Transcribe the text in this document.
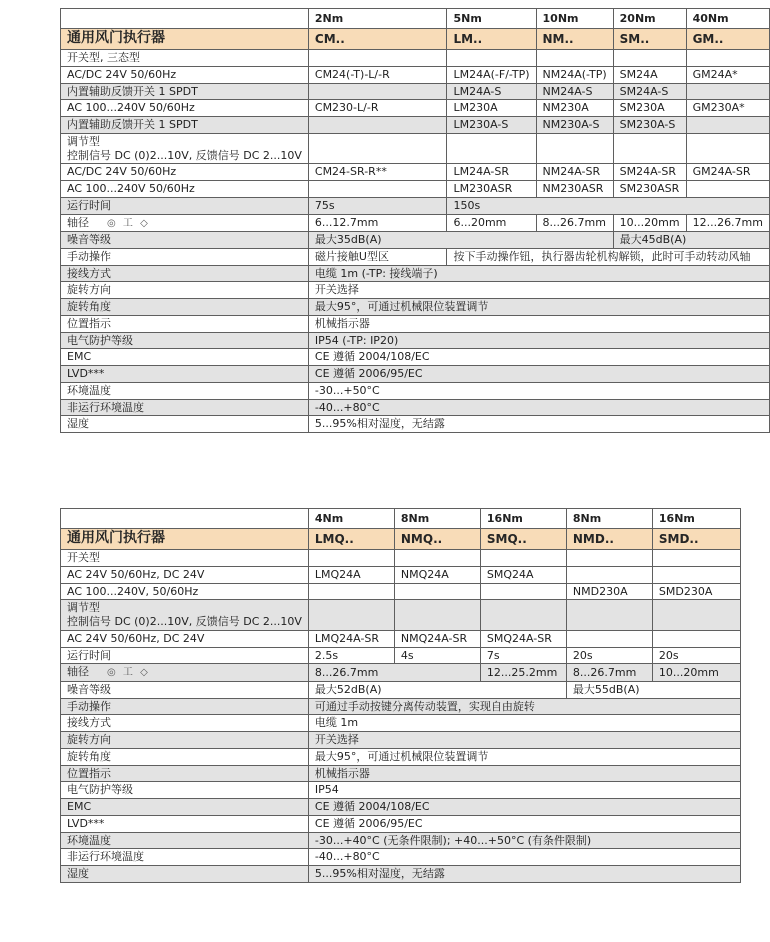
	2Nm	5Nm	10Nm	20Nm	40Nm
通用风门执行器	CM..	LM..	NM..	SM..	GM..
开关型, 三态型					
AC/DC 24V 50/60Hz	CM24(-T)-L/-R	LM24A(-F/-TP)	NM24A(-TP)	SM24A	GM24A*
内置辅助反馈开关 1 SPDT		LM24A-S	NM24A-S	SM24A-S	
AC 100...240V 50/60Hz	CM230-L/-R	LM230A	NM230A	SM230A	GM230A*
内置辅助反馈开关 1 SPDT		LM230A-S	NM230A-S	SM230A-S	
调节型
控制信号 DC (0)2...10V, 反馈信号 DC 2...10V					

AC/DC 24V 50/60Hz	CM24-SR-R**	LM24A-SR	NM24A-SR	SM24A-SR	GM24A-SR
AC 100...240V 50/60Hz		LM230ASR	NM230ASR	SM230ASR	
运行时间	75s	150s			
轴径 ◎ 工 ◇	6...12.7mm	6...20mm	8...26.7mm	10...20mm	12...26.7mm
噪音等级	最大35dB(A)			最大45dB(A)	
手动操作	磁片接触U型区	按下手动操作钮，执行器齿轮机构解锁，此时可手动转动风轴			
接线方式	电缆 1m (-TP: 接线端子)				
旋转方向	开关选择				
旋转角度	最大95°，可通过机械限位装置调节				
位置指示	机械指示器				
电气防护等级	IP54 (-TP: IP20)				
EMC	CE 遵循 2004/108/EC				
LVD***	CE 遵循 2006/95/EC				
环境温度	-30...+50°C				
非运行环境温度	-40...+80°C				
湿度	5...95%相对湿度，无结露				
	4Nm	8Nm	16Nm	8Nm	16Nm
通用风门执行器	LMQ..	NMQ..	SMQ..	NMD..	SMD..
开关型					
AC 24V 50/60Hz, DC 24V	LMQ24A	NMQ24A	SMQ24A		
AC 100...240V, 50/60Hz				NMD230A	SMD230A
调节型
控制信号 DC (0)2...10V, 反馈信号 DC 2...10V					

AC 24V 50/60Hz, DC 24V	LMQ24A-SR	NMQ24A-SR	SMQ24A-SR		
运行时间	2.5s	4s	7s	20s	20s
轴径 ◎ 工 ◇	8...26.7mm		12...25.2mm	8...26.7mm	10...20mm
噪音等级	最大52dB(A)			最大55dB(A)	
手动操作	可通过手动按键分离传动装置，实现自由旋转				
接线方式	电缆 1m				
旋转方向	开关选择				
旋转角度	最大95°，可通过机械限位装置调节				
位置指示	机械指示器				
电气防护等级	IP54				
EMC	CE 遵循 2004/108/EC				
LVD***	CE 遵循 2006/95/EC				
环境温度	-30...+40°C (无条件限制); +40...+50°C (有条件限制)				
非运行环境温度	-40...+80°C				
湿度	5...95%相对湿度，无结露				
